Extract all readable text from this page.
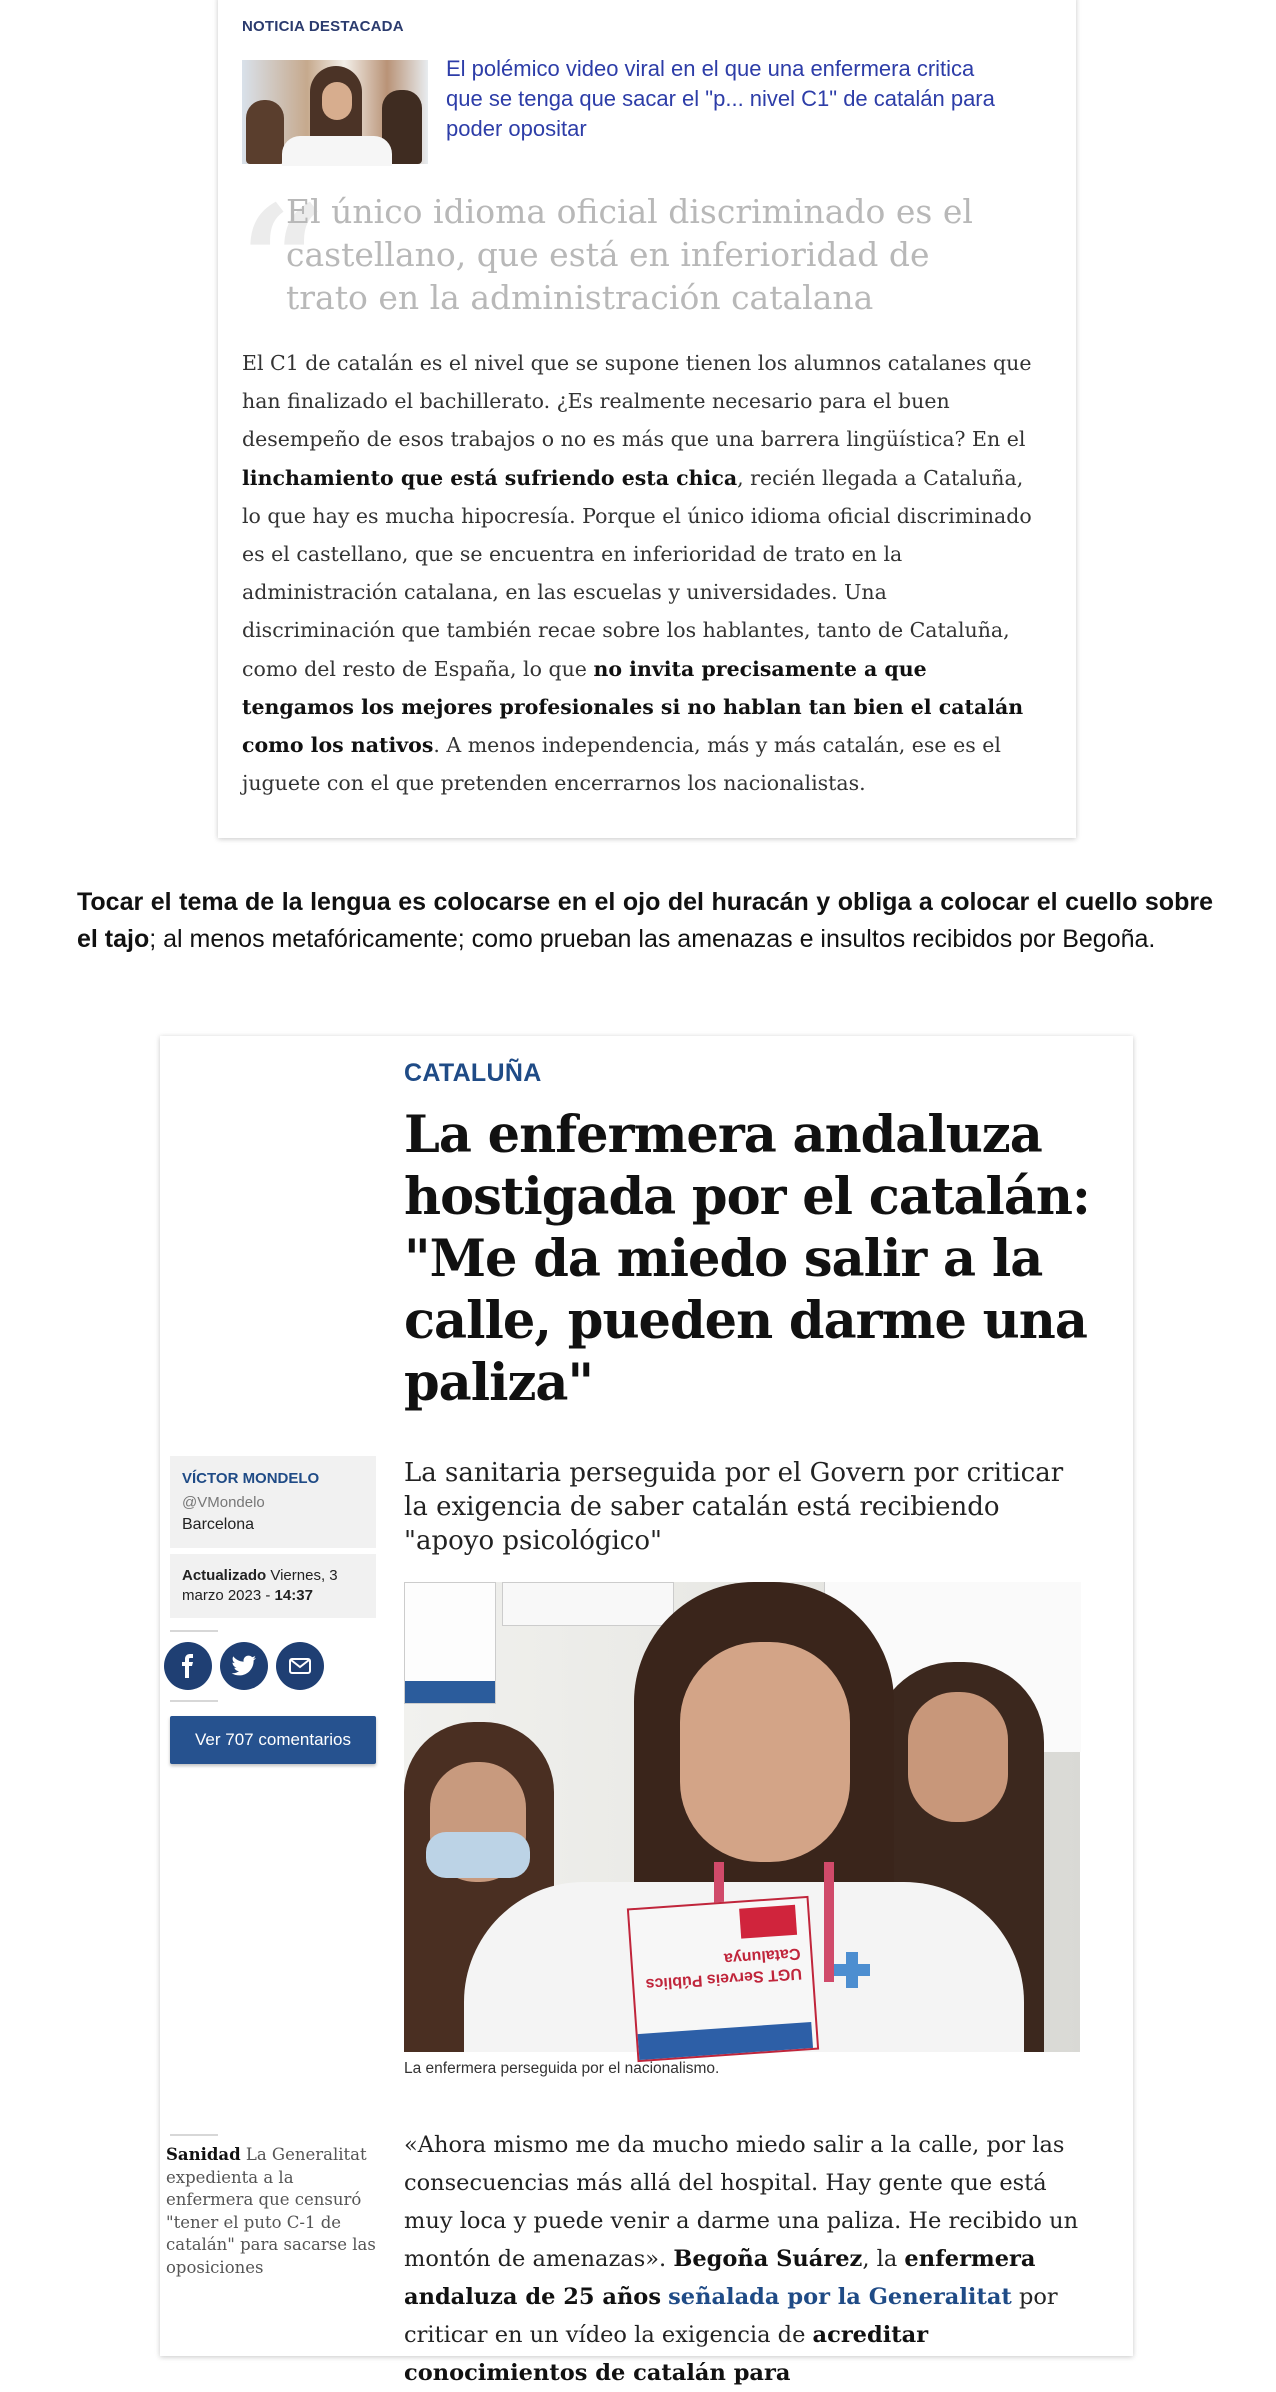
NOTICIA DESTACADA
El polémico video viral en el que una enfermera critica que se tenga que sacar el "p... nivel C1" de catalán para poder opositar
“
El único idioma oficial discriminado es el castellano, que está en inferioridad de trato en la administración catalana
El C1 de catalán es el nivel que se supone tienen los alumnos catalanes que han finalizado el bachillerato. ¿Es realmente necesario para el buen desempeño de esos trabajos o no es más que una barrera lingüística? En el linchamiento que está sufriendo esta chica, recién llegada a Cataluña, lo que hay es mucha hipocresía. Porque el único idioma oficial discriminado es el castellano, que se encuentra en inferioridad de trato en la administración catalana, en las escuelas y universidades. Una discriminación que también recae sobre los hablantes, tanto de Cataluña, como del resto de España, lo que no invita precisamente a que tengamos los mejores profesionales si no hablan tan bien el catalán como los nativos. A menos independencia, más y más catalán, ese es el juguete con el que pretenden encerrarnos los nacionalistas.
Tocar el tema de la lengua es colocarse en el ojo del huracán y obliga a colocar el cuello sobre el tajo; al menos metafóricamente; como prueban las amenazas e insultos recibidos por Begoña.
CATALUÑA
La enfermera andaluza hostigada por el catalán: "Me da miedo salir a la calle, pueden darme una paliza"
VÍCTOR MONDELO
@VMondelo
Barcelona
Actualizado Viernes, 3 marzo 2023 - 14:37
Ver 707 comentarios
La sanitaria perseguida por el Govern por criticar la exigencia de saber catalán está recibiendo "apoyo psicológico"
UGT Serveis Públics Catalunya
La enfermera perseguida por el nacionalismo.
Sanidad La Generalitat expedienta a la enfermera que censuró "tener el puto C-1 de catalán" para sacarse las oposiciones
«Ahora mismo me da mucho miedo salir a la calle, por las consecuencias más allá del hospital. Hay gente que está muy loca y puede venir a darme una paliza. He recibido un montón de amenazas». Begoña Suárez, la enfermera andaluza de 25 años señalada por la Generalitat por criticar en un vídeo la exigencia de acreditar conocimientos de catalán para
